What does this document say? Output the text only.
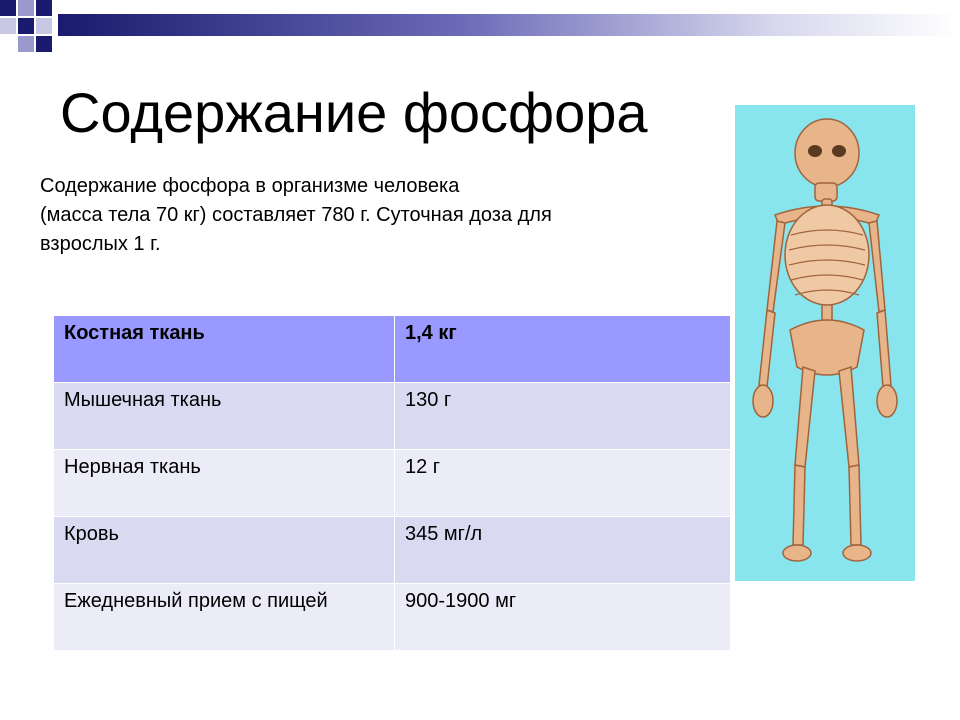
Содержание фосфора
Содержание фосфора в организме человека
(масса тела 70 кг) составляет 780 г. Суточная доза для
взрослых 1 г.
Костная ткань	1,4 кг
Мышечная ткань	130 г
Нервная ткань	12 г
Кровь	345 мг/л
Ежедневный прием с пищей	900-1900 мг
